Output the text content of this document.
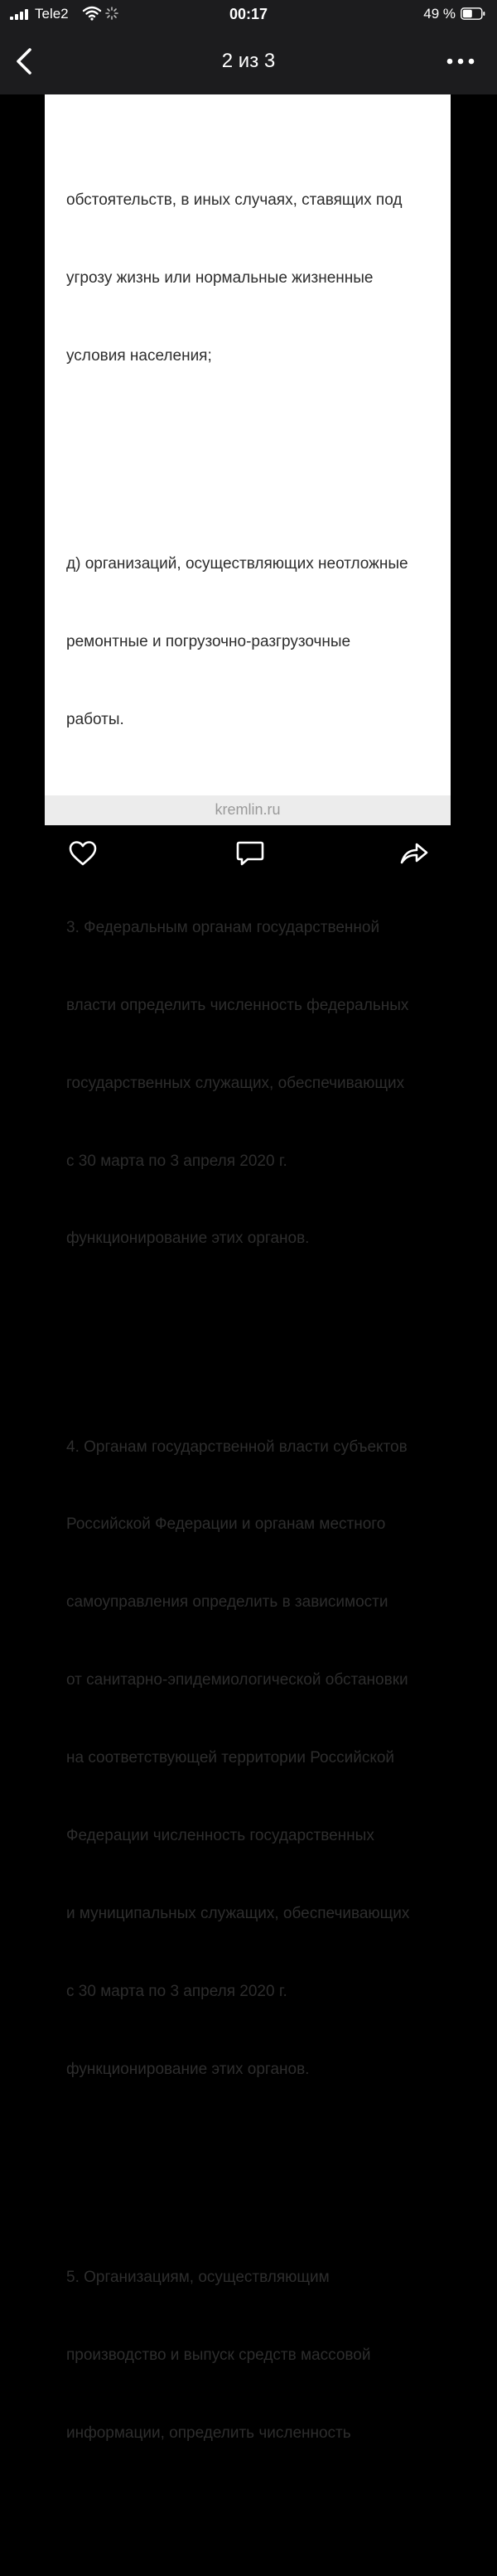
Tele2	00:17	49 %
2 из 3

обстоятельств, в иных случаях, ставящих под

угрозу жизнь или нормальные жизненные

условия населения;

д) организаций, осуществляющих неотложные

ремонтные и погрузочно-разгрузочные

работы.

3. Федеральным органам государственной

власти определить численность федеральных

государственных служащих, обеспечивающих

с 30 марта по 3 апреля 2020 г.

функционирование этих органов.

4. Органам государственной власти субъектов

Российской Федерации и органам местного

самоуправления определить в зависимости

от санитарно-эпидемиологической обстановки

на соответствующей территории Российской

Федерации численность государственных

и муниципальных служащих, обеспечивающих

с 30 марта по 3 апреля 2020 г.

функционирование этих органов.

5. Организациям, осуществляющим

производство и выпуск средств массовой

информации, определить численность

kremlin.ru
